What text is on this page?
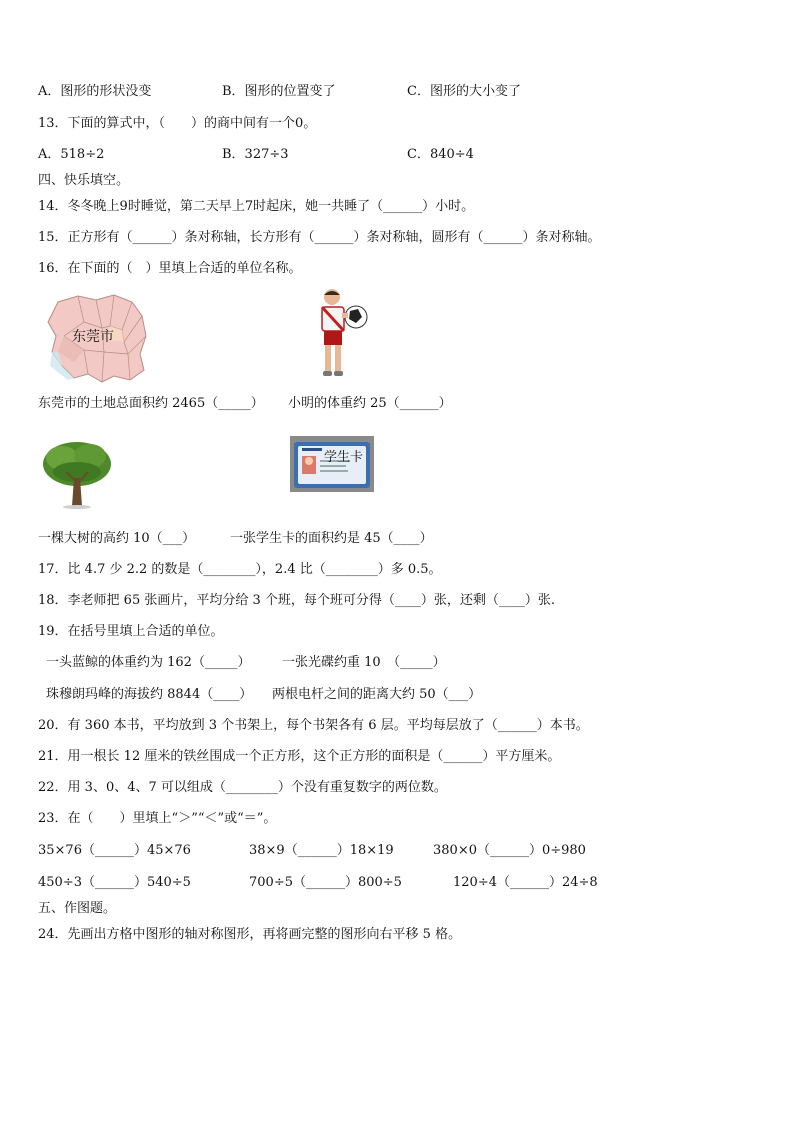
A．图形的形状没变	B．图形的位置变了	C．图形的大小变了
13．下面的算式中，（　　）的商中间有一个0。
A．518÷2	B．327÷3	C．840÷4
四、快乐填空。
14．冬冬晚上9时睡觉，第二天早上7时起床，她一共睡了（______）小时。
15．正方形有（______）条对称轴，长方形有（______）条对称轴，圆形有（______）条对称轴。
16．在下面的（　）里填上合适的单位名称。
东莞市
东莞市的土地总面积约 2465（_____） 小明的体重约 25（______）
学生卡
一棵大树的高约 10（___）	一张学生卡的面积约是 45（____）
17．比 4.7 少 2.2 的数是（________），2.4 比（________）多 0.5。
18．李老师把 65 张画片，平均分给 3 个班，每个班可分得（____）张，还剩（____）张.
19．在括号里填上合适的单位。
一头蓝鲸的体重约为 162（_____） 一张光碟约重 10　（_____）
珠穆朗玛峰的海拔约 8844（____） 两根电杆之间的距离大约 50（___）
20．有 360 本书，平均放到 3 个书架上，每个书架各有 6 层。平均每层放了（______）本书。
21．用一根长 12 厘米的铁丝围成一个正方形，这个正方形的面积是（______）平方厘米。
22．用 3、0、4、7 可以组成（________）个没有重复数字的两位数。
23．在（　　）里填上“＞”“＜”或“＝”。
35×76（______）45×76	38×9（______）18×19	380×0（______）0÷980
450÷3（______）540÷5	700÷5（______）800÷5	120÷4（______）24÷8
五、作图题。
24．先画出方格中图形的轴对称图形，再将画完整的图形向右平移 5 格。
